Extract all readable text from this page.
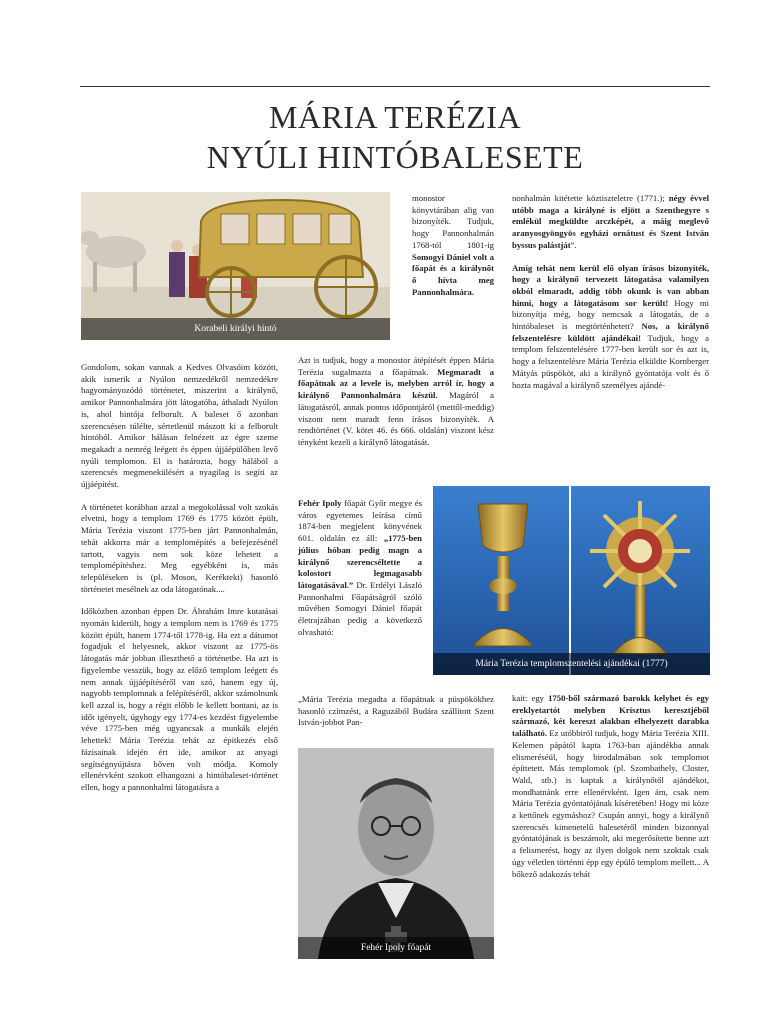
MÁRIA TERÉZIA
NYÚLI HINTÓBALESETE
Korabeli királyi hintó
monostor könyvtárában alig van bizonyíték. Tudjuk, hogy Pannonhalmán 1768-tól 1801-ig Somogyi Dániel volt a főapát és a királynőt ő hívta meg Pannonhalmára.

Azt is tudjuk, hogy a monostor átépítését éppen Mária Terézia sugalmazta a főapátnak. Megmaradt a főapátnak az a levele is, melyben arról ír, hogy a királynő Pannonhalmára készül. Magáról a látogatásról, annak pontos időpontjáról (mettől-meddig) viszont nem maradt fenn írásos bizonyíték. A rendtörténet (V. kötet 46. és 666. oldalán) viszont kész tényként kezeli a királynő látogatását.

Fehér Ipoly főapát Győr megye és város egyetemes leírása című 1874-ben megjelent könyvének 601. oldalán ez áll: „1775-ben július hóban pedig magn a királynő szerencséltette a kolostort legmagasabb látogatásával.” Dr. Erdélyi László Pannonhalmi Főapátságról szóló művében Somogyi Dániel főapát életrajzában pedig a következő olvasható:
„Mária Terézia megadta a főapátnak a püspökökhez hasonló czímzést, a Raguzából Budára szállított Szent István-jobbot Pan-

Gondolom, sokan vannak a Kedves Olvasóim között, akik ismerik a Nyúlon nemzedékről nemzedékre hagyományozódó történetet, miszerint a királynő, amikor Pannonhalmára jött látogatóba, áthaladt Nyúlon is, ahol hintója felborult. A baleset ő azonban szerencsésen túlélte, sértetlenül mászott ki a felborult hintóból. Amikor hálásan felnézett az égre szeme megakadt a nemrég leégett és éppen újjáépülőben levő nyúli templomon. El is határozta, hogy hálából a szerencsés megmenekülésért a nyagilag is segíti az újjáépítést.

A történetet korábban azzal a megokolással volt szokás elvetni, hogy a templom 1769 és 1775 között épült, Mária Terézia viszont 1775-ben járt Pannonhalmán, tehát akkorra már a templomépítés a befejezésénél tartott, vagyis nem sok köze lehetett a templomépítéshez. Meg egyébként is, más településeken is (pl. Moson, Kerékteki) hasonló történetet mesélnek az oda látogatónak....

Időközben azonban éppen Dr. Ábrahám Imre kutatásai nyomán kiderült, hogy a templom nem is 1769 és 1775 között épült, hanem 1774-től 1778-ig. Ha ezt a dátumot fogadjuk el helyesnek, akkor viszont az 1775-ös látogatás már jobban illeszthető a történetbe. Ha azt is figyelembe vesszük, hogy az előző templom leégett és nem annak újjáépítéséről van szó, hanem egy új, nagyobb templomnak a felépítéséről, akkor számolnunk kell azzal is, hogy a régit előbb le kellett bontani, az is időt igényelt, úgyhogy egy 1774-es kezdést figyelembe véve 1775-ben még ugyancsak a munkák elején lehettek! Mária Terézia tehát az építkezés első fázisainak idején ért ide, amikor az anyagi segítségnyújtásra bőven volt módja. Komoly ellenérvként szokott elhangozni a hintóbaleset-történet ellen, hogy a pannonhalmi látogatásra a

nonhalmán kitétette köztiszteletre (1771.); négy évvel utóbb maga a királyné is eljött a Szenthegyre s emlékül megküldte arczképét, a máig meglevő aranyosgyöngyös egyházi ornátust és Szent István byssus palástját”.

Amíg tehát nem kerül elő olyan írásos bizonyíték, hogy a királynő tervezett látogatása valamilyen okból elmaradt, addig több okunk is van abban hinni, hogy a látogatásom sor került! Hogy mi bizonyítja még, hogy nemcsak a látogatás, de a hintóbaleset is megtörténhetett? Nos, a királynő felszentelésre küldött ajándékai! Tudjuk, hogy a templom felszentelésére 1777-ben került sor és azt is, hogy a felszentelésre Mária Terézia elküldte Kornberger Mátyás püspököt, aki a királynő gyóntatója volt és ő hozta magával a királynő személyes ajándé-

Mária Terézia templomszentelési ajándékai (1777)
kait: egy 1750-ből származó barokk kelyhet és egy ereklyetartót melyben Krisztus keresztjéből származó, két kereszt alakban elhelyezett darabka található. Ez utóbbiról tudjuk, hogy Mária Terézia XIII. Kelemen pápától kapta 1763-ban ajándékba annak elismeréséül, hogy birodalmában sok templomot építtetett. Más templomok (pl. Szombathely, Closter, Wald, stb.) is kaptak a királynőtől ajándékot, mondhatnánk erre ellenérvként. Igen ám, csak nem Mária Terézia gyóntatójának kíséretében! Hogy mi köze a kettőnek egymáshoz? Csupán annyi, hogy a királynő szerencsés kimenetelű balesetéről minden bizonnyal gyóntatójának is beszámolt, aki megerősítette benne azt a felismerést, hogy az ilyen dolgok nem szoktak csak úgy véletlen történni épp egy épülő templom mellett... A bőkező adakozás tehát
Fehér Ipoly főapát
